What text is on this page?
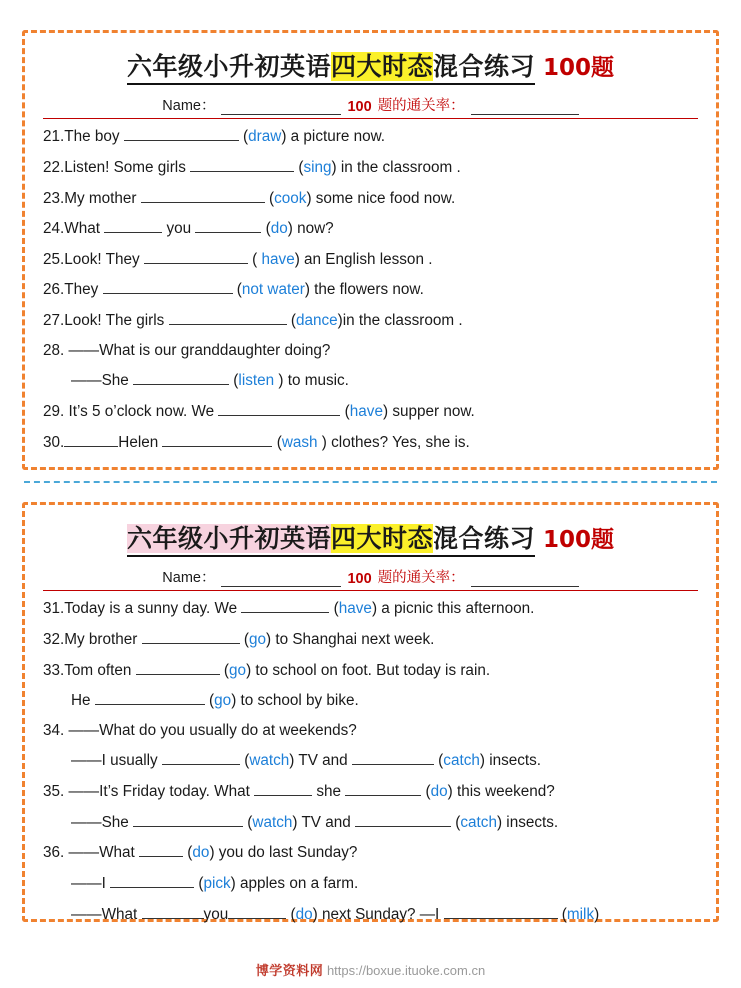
六年级小升初英语四大时态混合练习 100题
Name：	100 题的通关率：
21.The boy	(draw) a picture now.
22.Listen! Some girls	(sing) in the classroom .
23.My mother	(cook) some nice food now.
24.What	you	(do) now?
25.Look! They	( have) an English lesson .
26.They	(not water) the flowers now.
27.Look! The girls	(dance)in the classroom .
28. ——What is our granddaughter doing?
——She	(listen ) to music.
29. It’s 5 o’clock now. We	(have) supper now.
30.	Helen	(wash ) clothes? Yes, she is.
六年级小升初英语四大时态混合练习 100题
Name：	100 题的通关率：
31.Today is a sunny day. We	(have) a picnic this afternoon.
32.My brother	(go) to Shanghai next week.
33.Tom often	(go) to school on foot. But today is rain.
He	(go) to school by bike.
34. ——What do you usually do at weekends?
——I usually	(watch) TV and	(catch) insects.
35. ——It’s Friday today. What	she	(do) this weekend?
——She	(watch) TV and	(catch) insects.
36. ——What	(do) you do last Sunday?
——I	(pick) apples on a farm.
——What	you	(do) next Sunday? —I	(milk)
博学资料网 https://boxue.ituoke.com.cn
